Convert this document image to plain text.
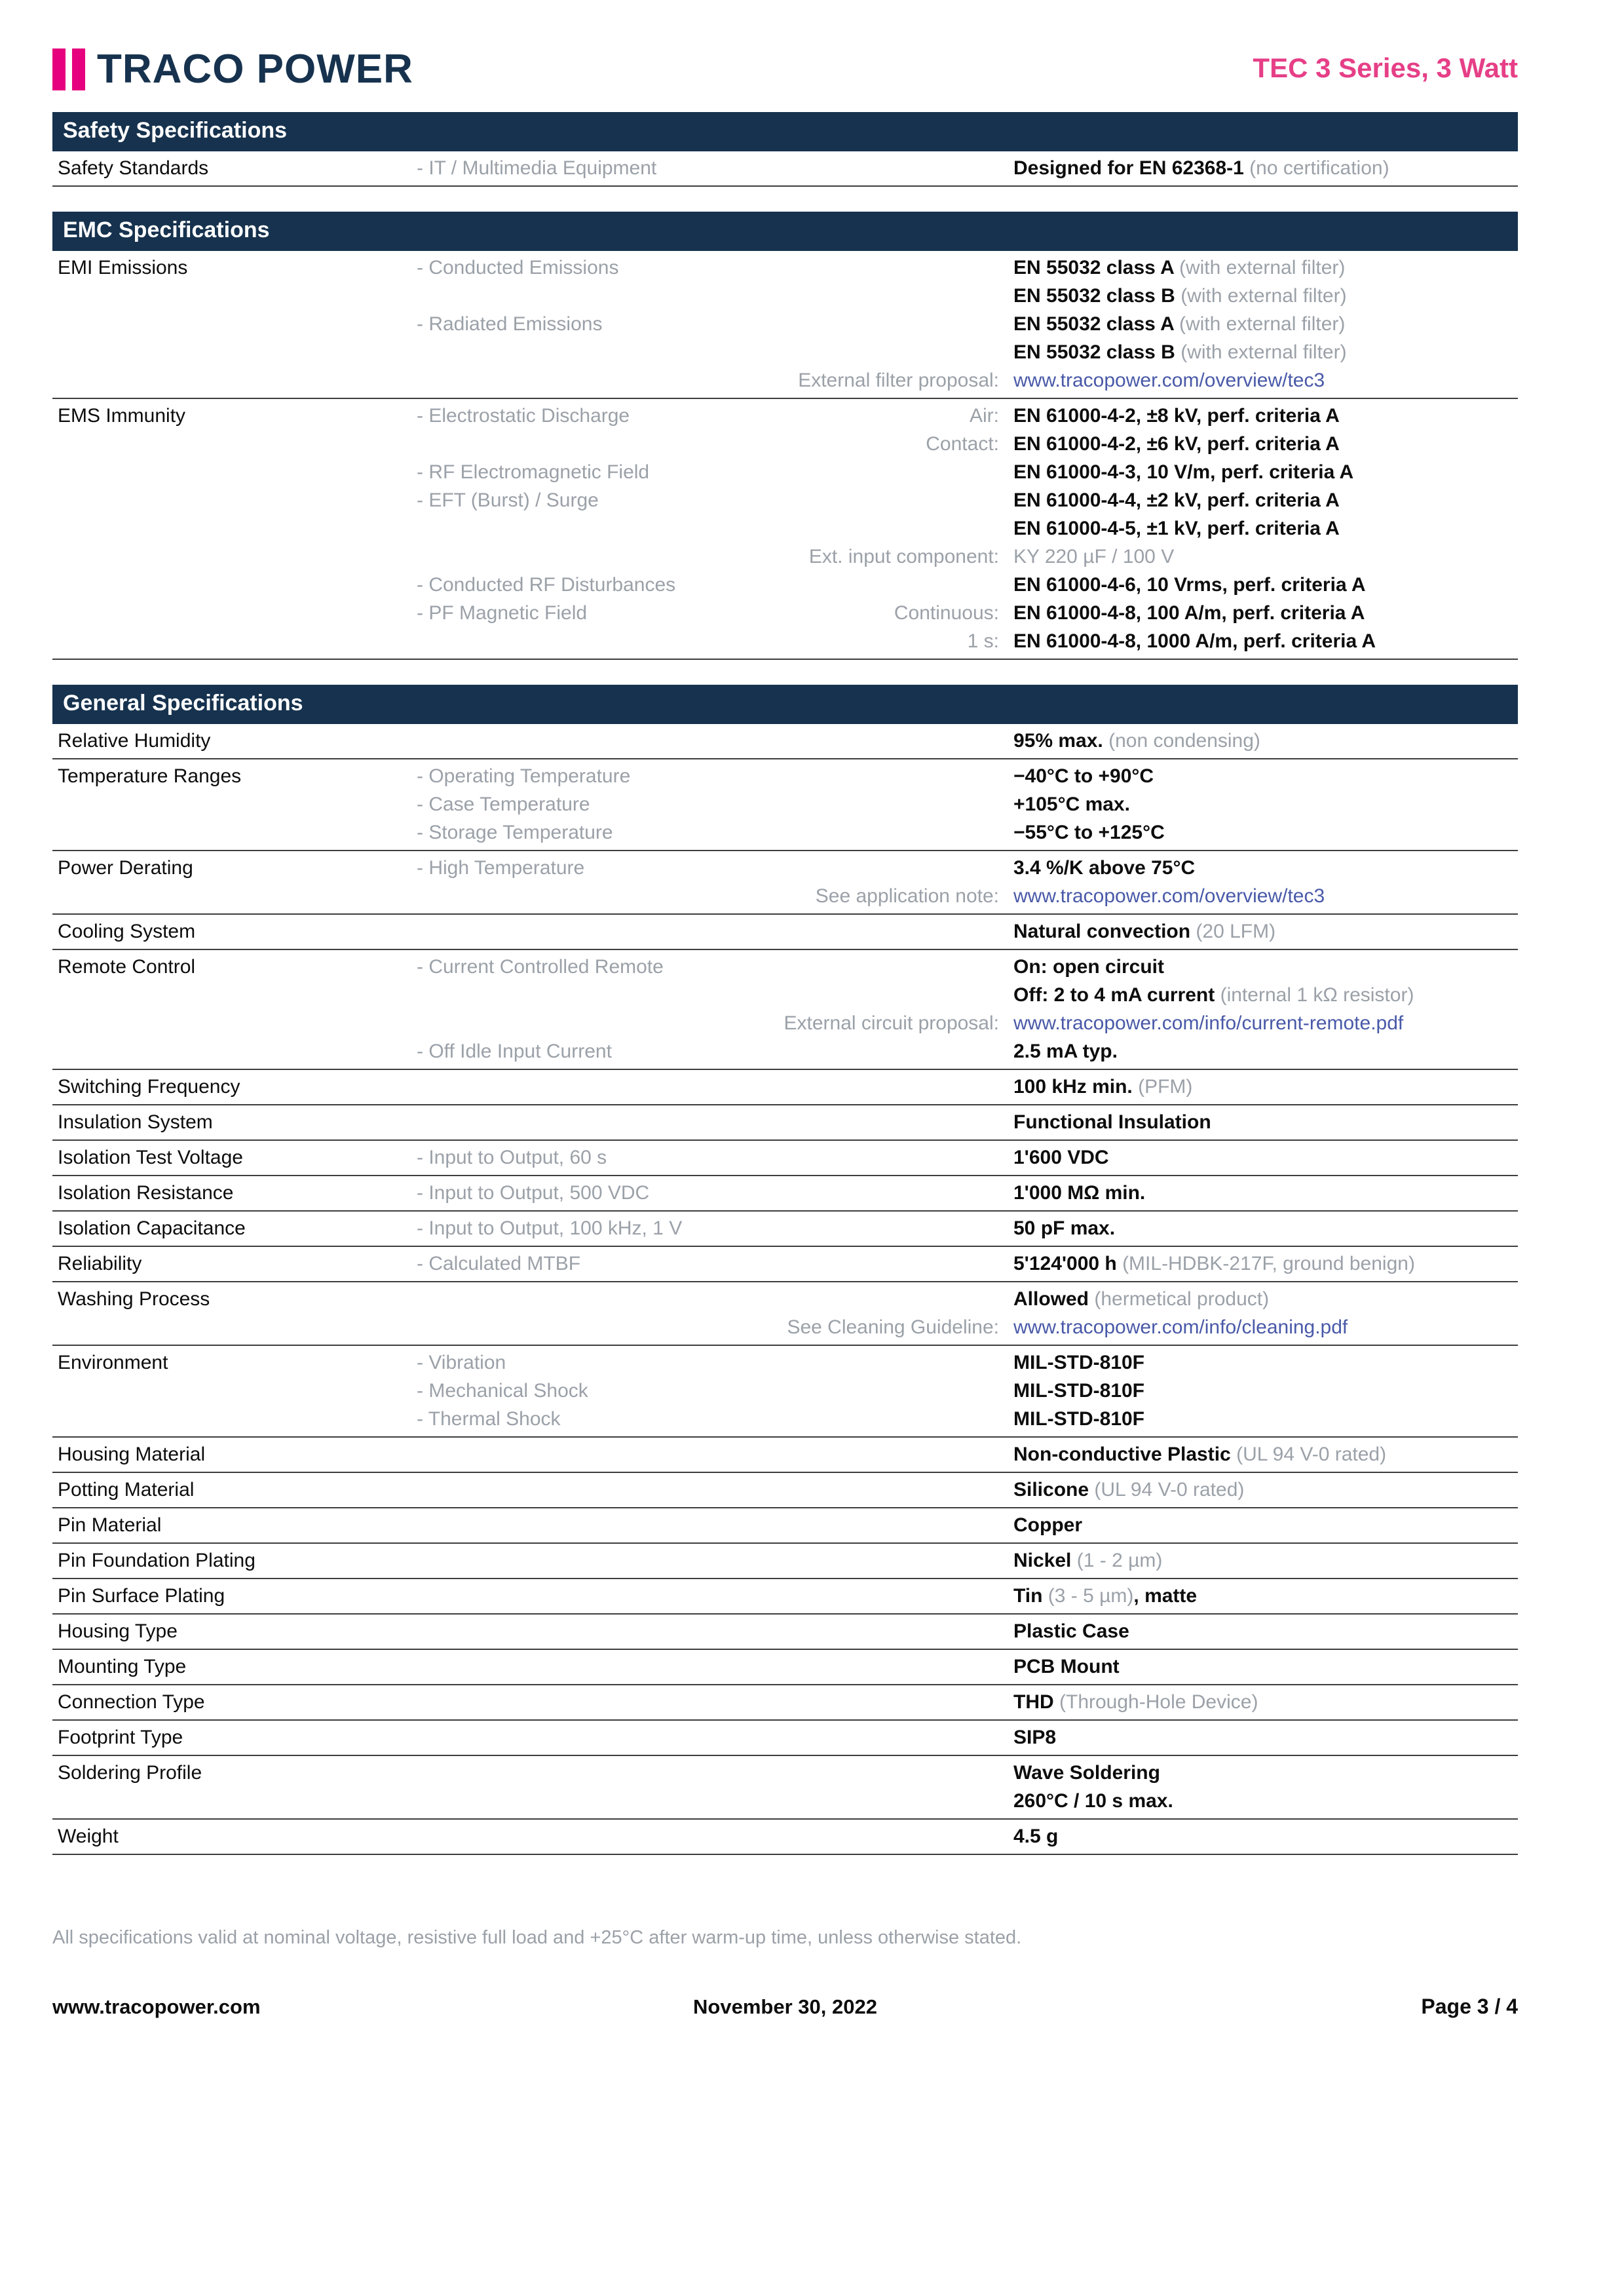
TRACO POWER	TEC 3 Series, 3 Watt
Safety Specifications
Safety Standards	- IT / Multimedia Equipment	Designed for EN 62368-1 (no certification)
EMC Specifications
EMI Emissions	- Conducted Emissions	EN 55032 class A (with external filter)
EN 55032 class B (with external filter)
- Radiated Emissions	EN 55032 class A (with external filter)
EN 55032 class B (with external filter)
External filter proposal: www.tracopower.com/overview/tec3
EMS Immunity	- Electrostatic Discharge	Air: EN 61000-4-2, ±8 kV, perf. criteria A
Contact: EN 61000-4-2, ±6 kV, perf. criteria A
- RF Electromagnetic Field	EN 61000-4-3, 10 V/m, perf. criteria A
- EFT (Burst) / Surge	EN 61000-4-4, ±2 kV, perf. criteria A
EN 61000-4-5, ±1 kV, perf. criteria A
Ext. input component: KY 220 µF / 100 V
- Conducted RF Disturbances	EN 61000-4-6, 10 Vrms, perf. criteria A
- PF Magnetic Field	Continuous: EN 61000-4-8, 100 A/m, perf. criteria A
1 s: EN 61000-4-8, 1000 A/m, perf. criteria A
General Specifications
Relative Humidity	95% max. (non condensing)
Temperature Ranges	- Operating Temperature	−40°C to +90°C
- Case Temperature	+105°C max.
- Storage Temperature	−55°C to +125°C
Power Derating	- High Temperature	3.4 %/K above 75°C
See application note: www.tracopower.com/overview/tec3
Cooling System	Natural convection (20 LFM)
Remote Control	- Current Controlled Remote	On: open circuit
Off: 2 to 4 mA current (internal 1 kΩ resistor)
External circuit proposal: www.tracopower.com/info/current-remote.pdf
- Off Idle Input Current	2.5 mA typ.
Switching Frequency	100 kHz min. (PFM)
Insulation System	Functional Insulation
Isolation Test Voltage	- Input to Output, 60 s	1'600 VDC
Isolation Resistance	- Input to Output, 500 VDC	1'000 MΩ min.
Isolation Capacitance	- Input to Output, 100 kHz, 1 V	50 pF max.
Reliability	- Calculated MTBF	5'124'000 h (MIL-HDBK-217F, ground benign)
Washing Process	Allowed (hermetical product)
See Cleaning Guideline: www.tracopower.com/info/cleaning.pdf
Environment	- Vibration	MIL-STD-810F
- Mechanical Shock	MIL-STD-810F
- Thermal Shock	MIL-STD-810F
Housing Material	Non-conductive Plastic (UL 94 V-0 rated)
Potting Material	Silicone (UL 94 V-0 rated)
Pin Material	Copper
Pin Foundation Plating	Nickel (1 - 2 µm)
Pin Surface Plating	Tin (3 - 5 µm), matte
Housing Type	Plastic Case
Mounting Type	PCB Mount
Connection Type	THD (Through-Hole Device)
Footprint Type	SIP8
Soldering Profile	Wave Soldering
260°C / 10 s max.
Weight	4.5 g
All specifications valid at nominal voltage, resistive full load and +25°C after warm-up time, unless otherwise stated.
www.tracopower.com	November 30, 2022	Page 3 / 4
